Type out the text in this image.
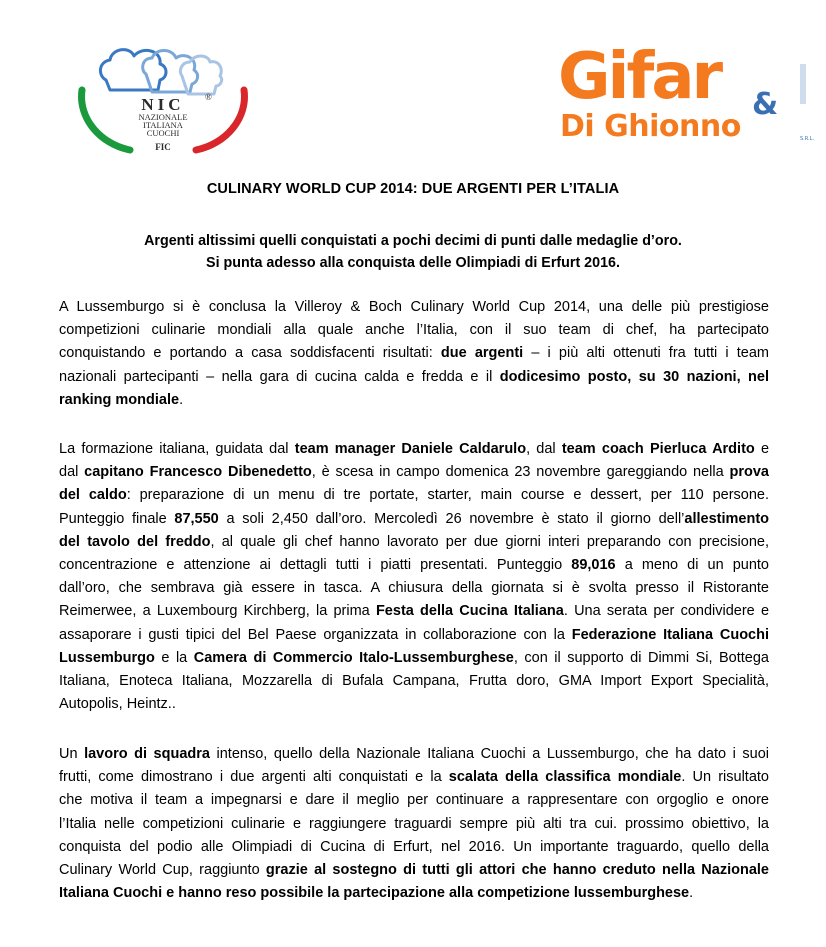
NIC ®
NAZIONALE
ITALIANA
CUOCHI
FIC
Gifar &
Di Ghionno	S.R.L.
CULINARY WORLD CUP 2014: DUE ARGENTI PER L’ITALIA
Argenti altissimi quelli conquistati a pochi decimi di punti dalle medaglie d’oro.
Si punta adesso alla conquista delle Olimpiadi di Erfurt 2016.
A Lussemburgo si è conclusa la Villeroy & Boch Culinary World Cup 2014, una delle più prestigiose
competizioni culinarie mondiali alla quale anche l’Italia, con il suo team di chef, ha partecipato
conquistando e portando a casa soddisfacenti risultati: due argenti – i più alti ottenuti fra tutti i team
nazionali partecipanti – nella gara di cucina calda e fredda e il dodicesimo posto, su 30 nazioni, nel
ranking mondiale.
La formazione italiana, guidata dal team manager Daniele Caldarulo, dal team coach Pierluca Ardito e
dal capitano Francesco Dibenedetto, è scesa in campo domenica 23 novembre gareggiando nella prova
del caldo: preparazione di un menu di tre portate, starter, main course e dessert, per 110 persone.
Punteggio finale 87,550 a soli 2,450 dall’oro. Mercoledì 26 novembre è stato il giorno dell’allestimento
del tavolo del freddo, al quale gli chef hanno lavorato per due giorni interi preparando con precisione,
concentrazione e attenzione ai dettagli tutti i piatti presentati. Punteggio 89,016 a meno di un punto
dall’oro, che sembrava già essere in tasca. A chiusura della giornata si è svolta presso il Ristorante
Reimerwee, a Luxembourg Kirchberg, la prima Festa della Cucina Italiana. Una serata per condividere e
assaporare i gusti tipici del Bel Paese organizzata in collaborazione con la Federazione Italiana Cuochi
Lussemburgo e la Camera di Commercio Italo-Lussemburghese, con il supporto di Dimmi Si, Bottega
Italiana, Enoteca Italiana, Mozzarella di Bufala Campana, Frutta doro, GMA Import Export Specialità,
Autopolis, Heintz..
Un lavoro di squadra intenso, quello della Nazionale Italiana Cuochi a Lussemburgo, che ha dato i suoi
frutti, come dimostrano i due argenti alti conquistati e la scalata della classifica mondiale. Un risultato
che motiva il team a impegnarsi e dare il meglio per continuare a rappresentare con orgoglio e onore
l’Italia nelle competizioni culinarie e raggiungere traguardi sempre più alti tra cui. prossimo obiettivo, la
conquista del podio alle Olimpiadi di Cucina di Erfurt, nel 2016. Un importante traguardo, quello della
Culinary World Cup, raggiunto grazie al sostegno di tutti gli attori che hanno creduto nella Nazionale
Italiana Cuochi e hanno reso possibile la partecipazione alla competizione lussemburghese.
